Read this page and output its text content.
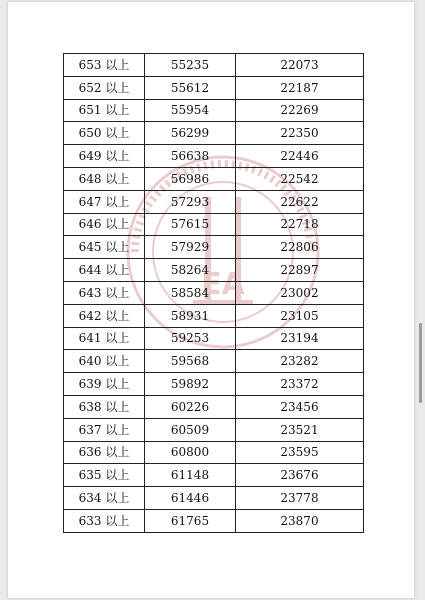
EA
653 以上	55235	22073
652 以上	55612	22187
651 以上	55954	22269
650 以上	56299	22350
649 以上	56638	22446
648 以上	56986	22542
647 以上	57293	22622
646 以上	57615	22718
645 以上	57929	22806
644 以上	58264	22897
643 以上	58584	23002
642 以上	58931	23105
641 以上	59253	23194
640 以上	59568	23282
639 以上	59892	23372
638 以上	60226	23456
637 以上	60509	23521
636 以上	60800	23595
635 以上	61148	23676
634 以上	61446	23778
633 以上	61765	23870
